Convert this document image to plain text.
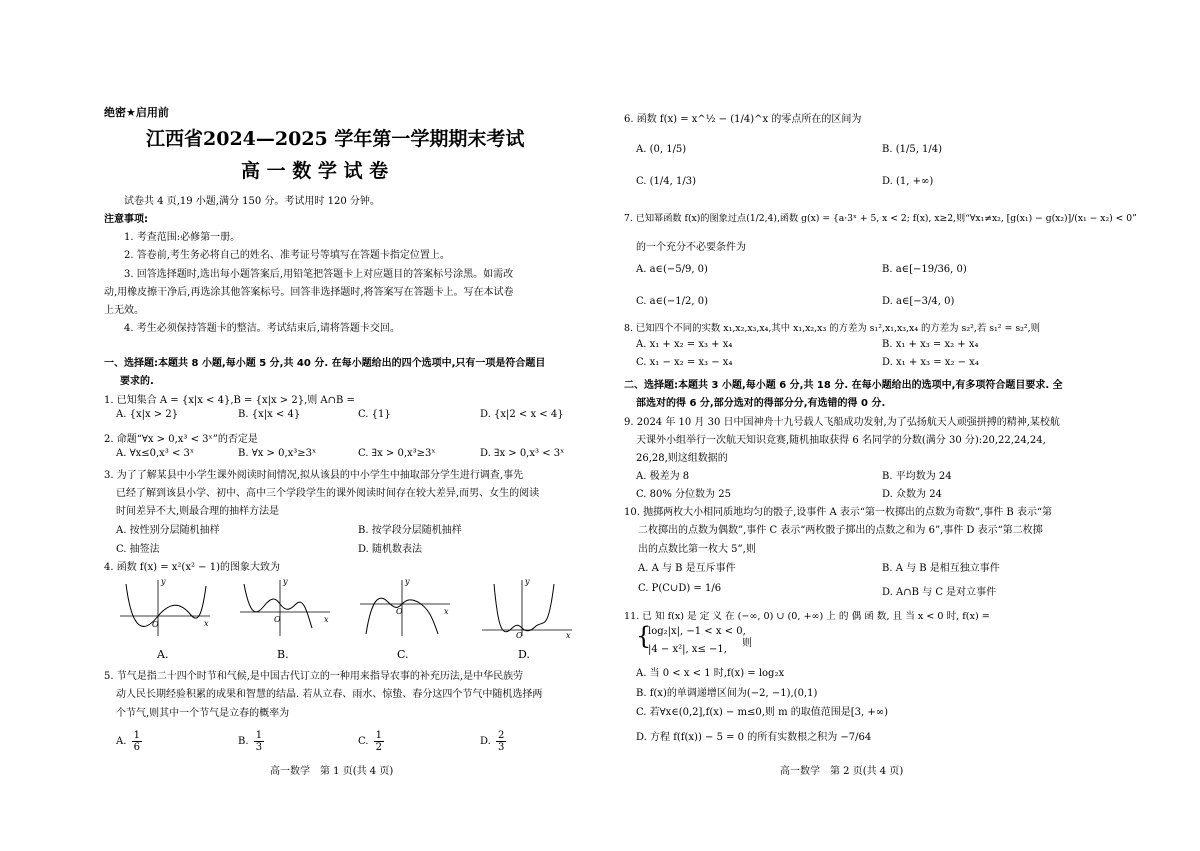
绝密★启用前
江西省2024—2025 学年第一学期期末考试
高 一 数 学 试 卷
试卷共 4 页,19 小题,满分 150 分。考试用时 120 分钟。
注意事项:
1. 考查范围:必修第一册。
2. 答卷前,考生务必将自己的姓名、准考证号等填写在答题卡指定位置上。
3. 回答选择题时,选出每小题答案后,用铅笔把答题卡上对应题目的答案标号涂黑。如需改
动,用橡皮擦干净后,再选涂其他答案标号。回答非选择题时,将答案写在答题卡上。写在本试卷
上无效。
4. 考生必须保持答题卡的整洁。考试结束后,请将答题卡交回。
一、选择题:本题共 8 小题,每小题 5 分,共 40 分. 在每小题给出的四个选项中,只有一项是符合题目
要求的.
1. 已知集合 A = {x|x < 4},B = {x|x > 2},则 A∩B =
A. {x|x > 2}	B. {x|x < 4}	C. {1}	D. {x|2 < x < 4}
2. 命题“∀x > 0,x³ < 3ˣ”的否定是
A. ∀x≤0,x³ < 3ˣ	B. ∀x > 0,x³≥3ˣ	C. ∃x > 0,x³≥3ˣ	D. ∃x > 0,x³ < 3ˣ
3. 为了了解某县中小学生课外阅读时间情况,拟从该县的中小学生中抽取部分学生进行调查,事先
已经了解到该县小学、初中、高中三个学段学生的课外阅读时间存在较大差异,而男、女生的阅读
时间差异不大,则最合理的抽样方法是
A. 按性别分层随机抽样	B. 按学段分层随机抽样
C. 抽签法	D. 随机数表法
4. 函数 f(x) = x²(x² − 1)的图象大致为
O	x
y
O	x
y
O	x
y
O	x
y
A.	B.	C.	D.
5. 节气是指二十四个时节和气候,是中国古代订立的一种用来指导农事的补充历法,是中华民族劳
动人民长期经验积累的成果和智慧的结晶. 若从立春、雨水、惊蛰、春分这四个节气中随机选择两
个节气,则其中一个节气是立春的概率为
A. $\frac{1}{6}$	B. $\frac{1}{3}$	C. $\frac{1}{2}$	D. $\frac{2}{3}$
高一数学　第 1 页(共 4 页)
6. 函数 f(x) = x^½ − (1/4)^x 的零点所在的区间为
A. (0, 1/5)	B. (1/5, 1/4)
C. (1/4, 1/3)	D. (1, +∞)
7. 已知幂函数 f(x)的图象过点(1/2,4),函数 g(x) = {a·3ˣ + 5, x < 2; f(x), x≥2,则“∀x₁≠x₂, [g(x₁) − g(x₂)]/(x₁ − x₂) < 0”
的一个充分不必要条件为
A. a∈(−5/9, 0)	B. a∈[−19/36, 0)
C. a∈(−1/2, 0)	D. a∈[−3/4, 0)
8. 已知四个不同的实数 x₁,x₂,x₃,x₄,其中 x₁,x₂,x₃ 的方差为 s₁²,x₁,x₃,x₄ 的方差为 s₂²,若 s₁² = s₂²,则
A. x₁ + x₂ = x₃ + x₄	B. x₁ + x₃ = x₂ + x₄
C. x₁ − x₂ = x₃ − x₄	D. x₁ + x₃ = x₂ − x₄
二、选择题:本题共 3 小题,每小题 6 分,共 18 分. 在每小题给出的选项中,有多项符合题目要求. 全
部选对的得 6 分,部分选对的得部分分,有选错的得 0 分.
9. 2024 年 10 月 30 日中国神舟十九号载人飞船成功发射,为了弘扬航天人顽强拼搏的精神,某校航
天课外小组举行一次航天知识竞赛,随机抽取获得 6 名同学的分数(满分 30 分):20,22,24,24,
26,28,则这组数据的
A. 极差为 8	B. 平均数为 24
C. 80% 分位数为 25	D. 众数为 24
10. 抛掷两枚大小相同质地均匀的骰子,设事件 A 表示“第一枚掷出的点数为奇数”,事件 B 表示“第
二枚掷出的点数为偶数”,事件 C 表示“两枚骰子掷出的点数之和为 6”,事件 D 表示“第二枚掷
出的点数比第一枚大 5”,则
A. A 与 B 是互斥事件	B. A 与 B 是相互独立事件
C. P(C∪D) = 1/6	D. A∩B 与 C 是对立事件
11. 已 知 f(x) 是 定 义 在 (−∞, 0) ∪ (0, +∞) 上 的 偶 函 数, 且 当 x < 0 时, f(x) =
{
log₂|x|, −1 < x < 0,
|4 − x²|, x≤ −1,
则
A. 当 0 < x < 1 时,f(x) = log₂x
B. f(x)的单调递增区间为(−2, −1),(0,1)
C. 若∀x∈(0,2],f(x) − m≤0,则 m 的取值范围是[3, +∞)
D. 方程 f(f(x)) − 5 = 0 的所有实数根之积为 −7/64
高一数学　第 2 页(共 4 页)
